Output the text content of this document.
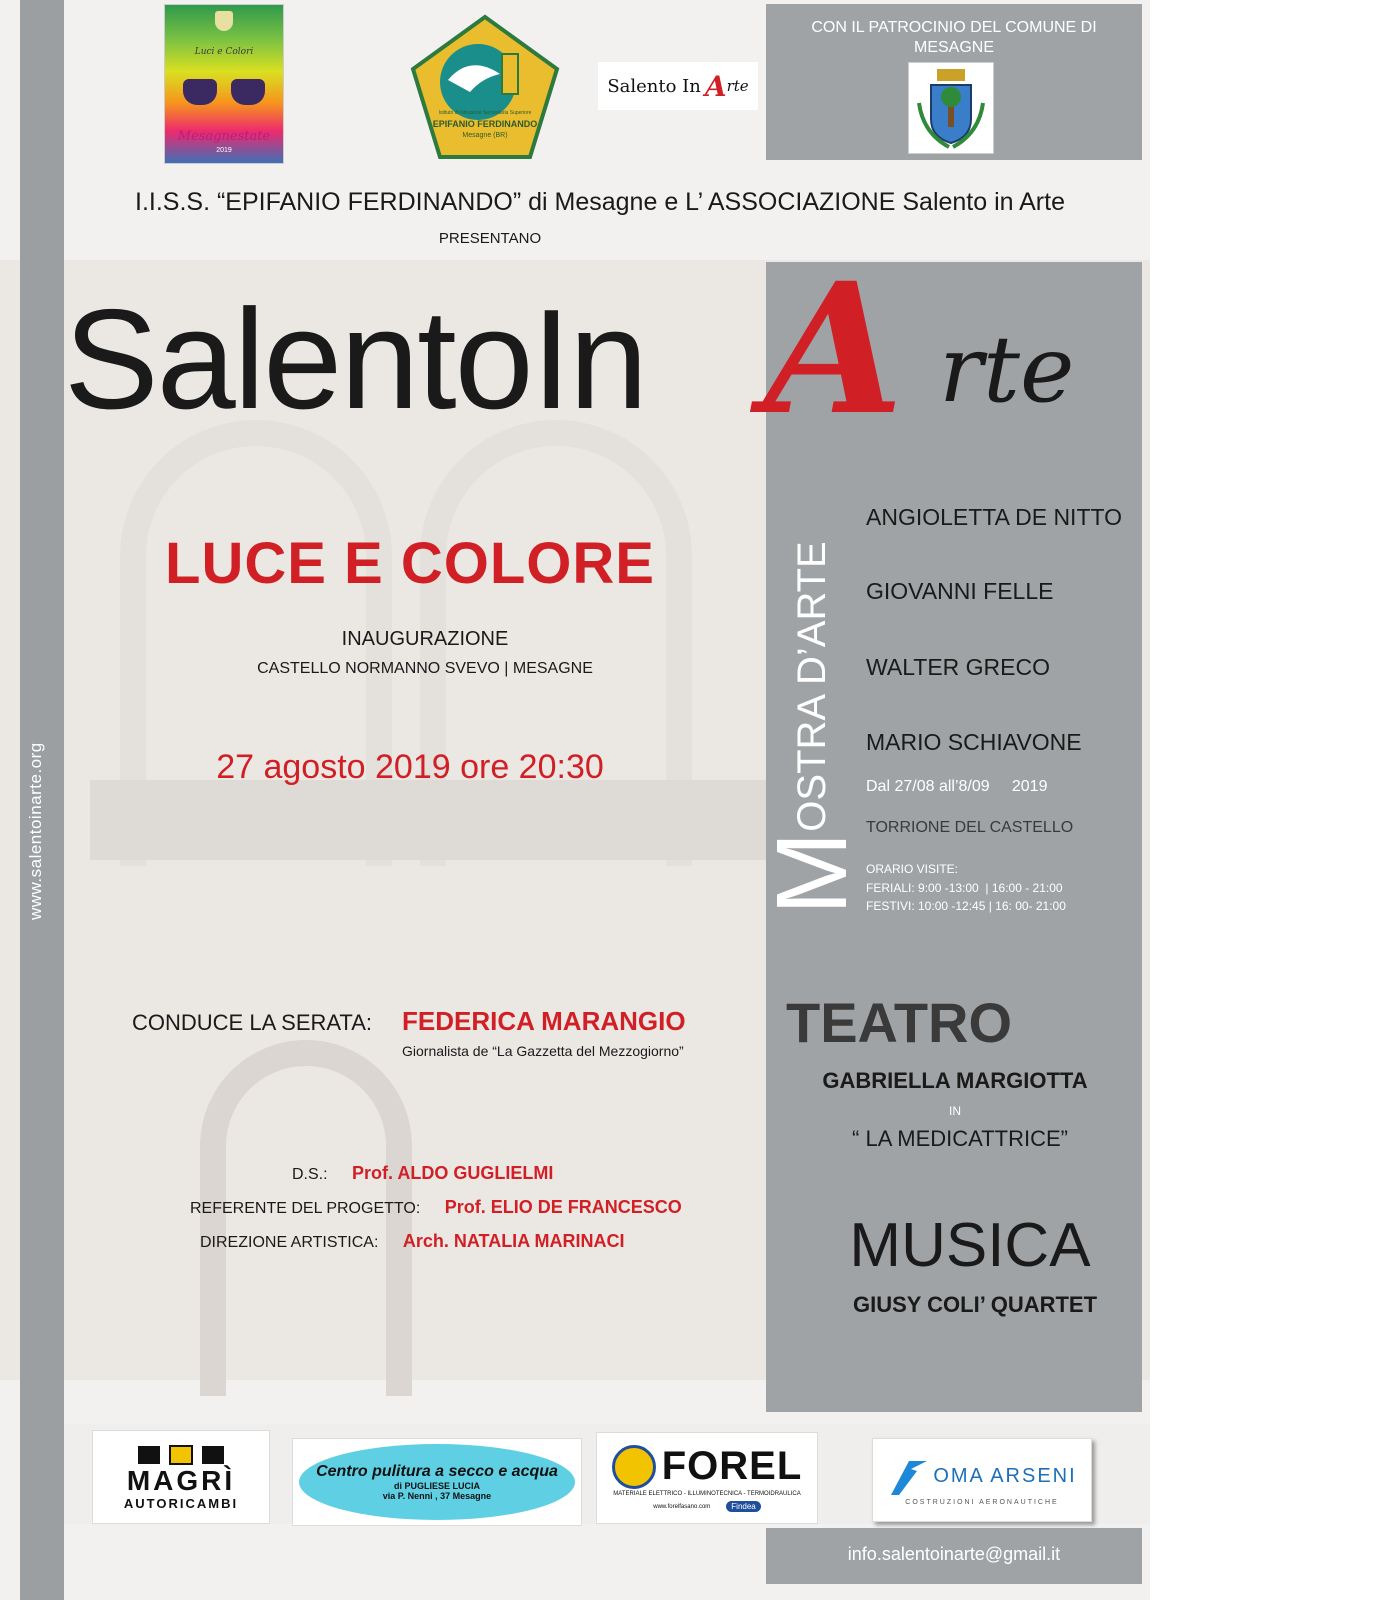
www.salentoinarte.org
Luci e Colori
Mesagnestate
2019
Istituto di Istruzione Secondaria Superiore
EPIFANIO FERDINANDO
Mesagne (BR)
Salento In A rte
CON IL PATROCINIO DEL COMUNE DI MESAGNE
I.I.S.S. “EPIFANIO FERDINANDO” di Mesagne e L’ ASSOCIAZIONE Salento in Arte
PRESENTANO
SalentoIn A rte
LUCE E COLORE
INAUGURAZIONE
CASTELLO NORMANNO SVEVO | MESAGNE
27 agosto 2019 ore 20:30
CONDUCE LA SERATA: FEDERICA MARANGIO
Giornalista de “La Gazzetta del Mezzogiorno”
D.S.: Prof. ALDO GUGLIELMI
REFERENTE DEL PROGETTO: Prof. ELIO DE FRANCESCO
DIREZIONE ARTISTICA: Arch. NATALIA MARINACI
MOSTRA D’ARTE
ANGIOLETTA DE NITTO
GIOVANNI FELLE
WALTER GRECO
MARIO SCHIAVONE
Dal 27/08 all’8/09     2019
TORRIONE DEL CASTELLO
ORARIO VISITE:
FERIALI: 9:00 -13:00  | 16:00 - 21:00
FESTIVI: 10:00 -12:45 | 16: 00- 21:00
TEATRO
GABRIELLA MARGIOTTA
IN
“ LA MEDICATTRICE”
MUSICA
GIUSY COLI’ QUARTET
MAGRÌ
AUTORICAMBI
Centro pulitura a secco e acqua
di PUGLIESE LUCIA
via P. Nenni , 37 Mesagne
FOREL
MATERIALE ELETTRICO - ILLUMINOTECNICA - TERMOIDRAULICA
www.forelfasano.com	Findea
OMA ARSENI
COSTRUZIONI AERONAUTICHE
info.salentoinarte@gmail.it
